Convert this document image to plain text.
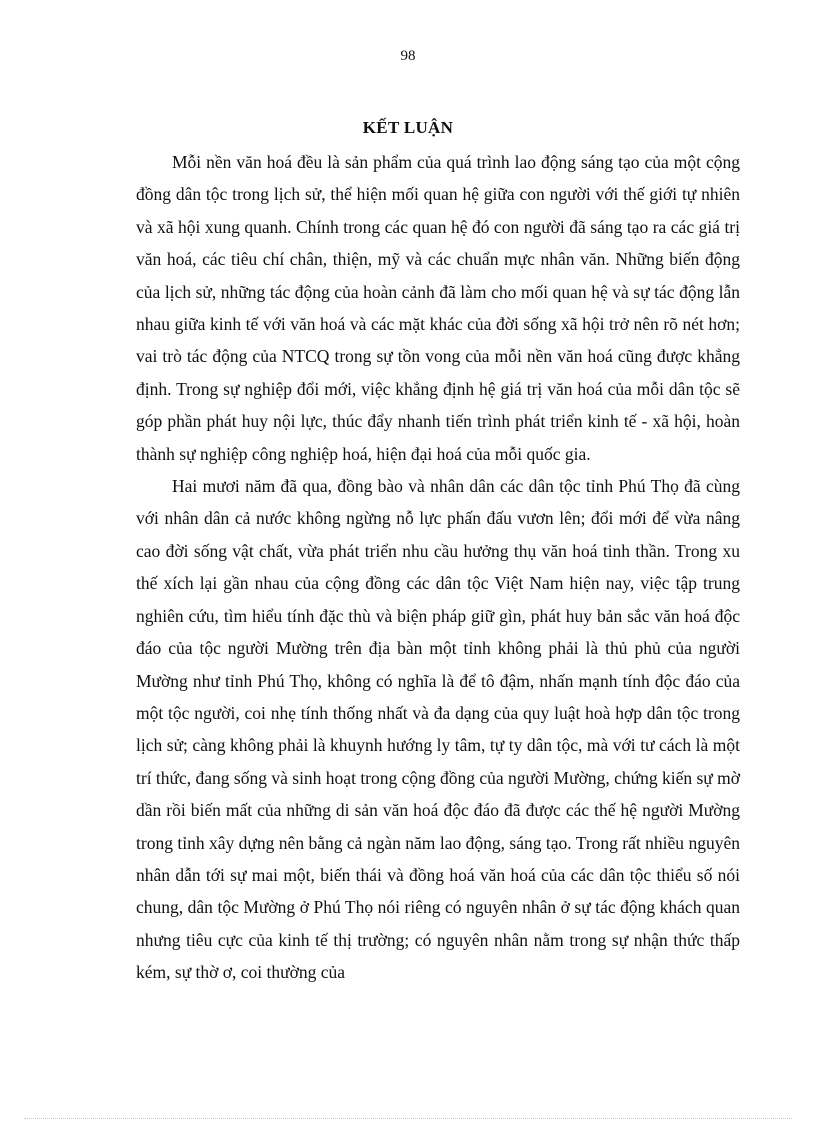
98
KẾT LUẬN

Mỗi nền văn hoá đều là sản phẩm của quá trình lao động sáng tạo của một cộng đồng dân tộc trong lịch sử, thể hiện mối quan hệ giữa con người với thế giới tự nhiên và xã hội xung quanh. Chính trong các quan hệ đó con người đã sáng tạo ra các giá trị văn hoá, các tiêu chí chân, thiện, mỹ và các chuẩn mực nhân văn. Những biến động của lịch sử, những tác động của hoàn cảnh đã làm cho mối quan hệ và sự tác động lẫn nhau giữa kinh tế với văn hoá và các mặt khác của đời sống xã hội trở nên rõ nét hơn; vai trò tác động của NTCQ trong sự tồn vong của mỗi nền văn hoá cũng được khẳng định. Trong sự nghiệp đổi mới, việc khẳng định hệ giá trị văn hoá của mỗi dân tộc sẽ góp phần phát huy nội lực, thúc đẩy nhanh tiến trình phát triển kinh tế - xã hội, hoàn thành sự nghiệp công nghiệp hoá, hiện đại hoá của mỗi quốc gia.

Hai mươi năm đã qua, đồng bào và nhân dân các dân tộc tỉnh Phú Thọ đã cùng với nhân dân cả nước không ngừng nỗ lực phấn đấu vươn lên; đổi mới để vừa nâng cao đời sống vật chất, vừa phát triển nhu cầu hưởng thụ văn hoá tinh thần. Trong xu thế xích lại gần nhau của cộng đồng các dân tộc Việt Nam hiện nay, việc tập trung nghiên cứu, tìm hiểu tính đặc thù và biện pháp giữ gìn, phát huy bản sắc văn hoá độc đáo của tộc người Mường trên địa bàn một tỉnh không phải là thủ phủ của người Mường như tỉnh Phú Thọ, không có nghĩa là để tô đậm, nhấn mạnh tính độc đáo của một tộc người, coi nhẹ tính thống nhất và đa dạng của quy luật hoà hợp dân tộc trong lịch sử; càng không phải là khuynh hướng ly tâm, tự ty dân tộc, mà với tư cách là một trí thức, đang sống và sinh hoạt trong cộng đồng của người Mường, chứng kiến sự mờ dần rồi biến mất của những di sản văn hoá độc đáo đã được các thế hệ người Mường trong tỉnh xây dựng nên bằng cả ngàn năm lao động, sáng tạo. Trong rất nhiều nguyên nhân dẫn tới sự mai một, biến thái và đồng hoá văn hoá của các dân tộc thiểu số nói chung, dân tộc Mường ở Phú Thọ nói riêng có nguyên nhân ở sự tác động khách quan nhưng tiêu cực của kinh tế thị trường; có nguyên nhân nằm trong sự nhận thức thấp kém, sự thờ ơ, coi thường của
